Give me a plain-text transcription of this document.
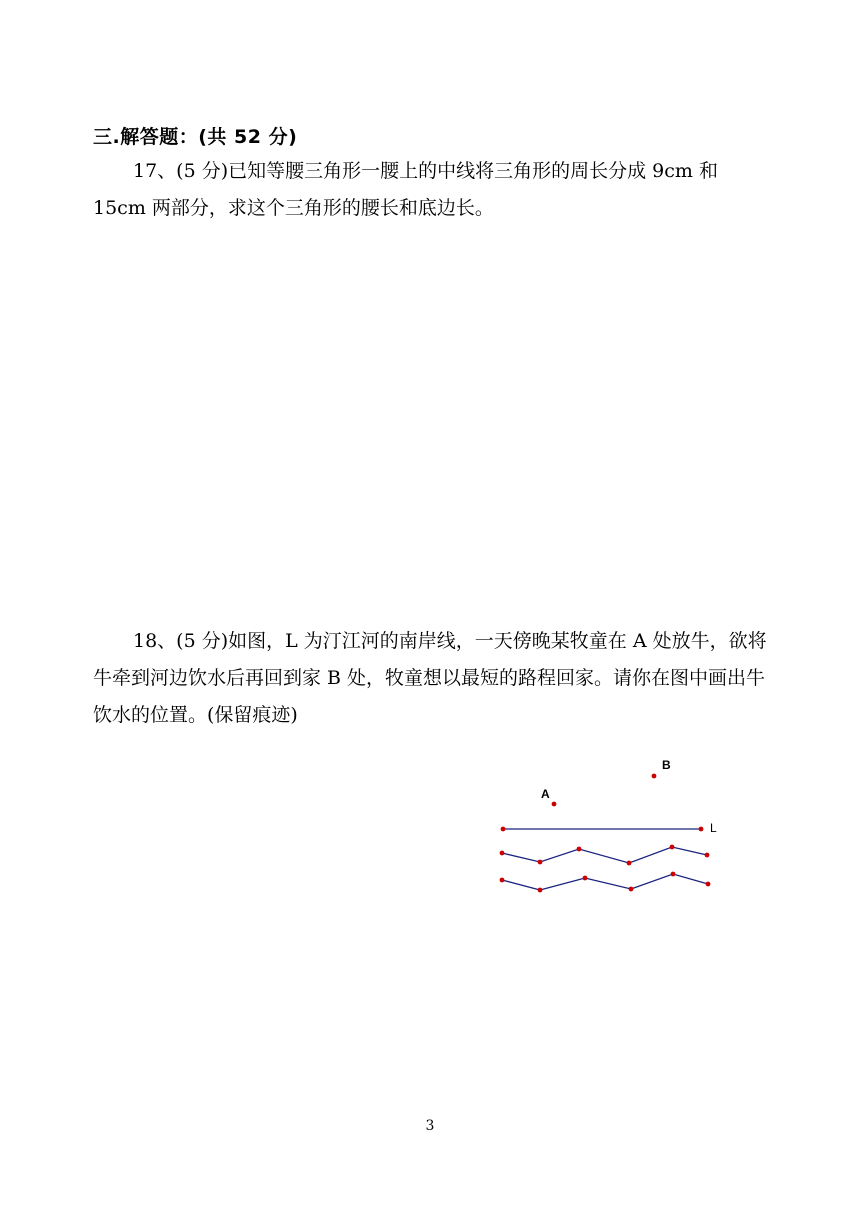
三.解答题：(共 52 分)

17、(5 分)已知等腰三角形一腰上的中线将三角形的周长分成 9cm 和 15cm 两部分，求这个三角形的腰长和底边长。

18、(5 分)如图，L 为汀江河的南岸线，一天傍晚某牧童在 A 处放牛，欲将牛牵到河边饮水后再回到家 B 处，牧童想以最短的路程回家。请你在图中画出牛饮水的位置。(保留痕迹)

A
B
L
3
